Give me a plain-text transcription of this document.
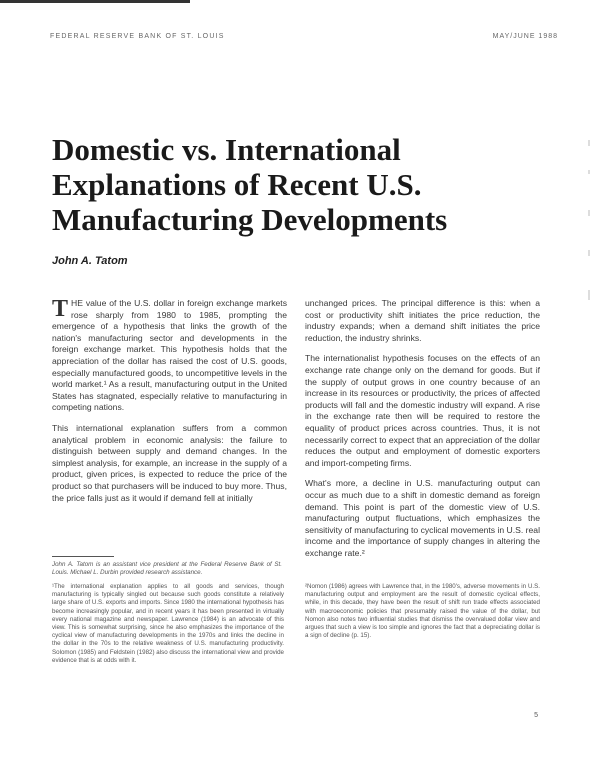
FEDERAL RESERVE BANK OF ST. LOUIS	MAY/JUNE 1988
Domestic vs. International Explanations of Recent U.S. Manufacturing Developments
John A. Tatom

THE value of the U.S. dollar in foreign exchange markets rose sharply from 1980 to 1985, prompting the emergence of a hypothesis that links the growth of the nation's manufacturing sector and developments in the foreign exchange market. This hypothesis holds that the appreciation of the dollar has raised the cost of U.S. goods, especially manufactured goods, to uncompetitive levels in the world market.¹ As a result, manufacturing output in the United States has stagnated, especially relative to manufacturing in competing nations.

This international explanation suffers from a common analytical problem in economic analysis: the failure to distinguish between supply and demand changes. In the simplest analysis, for example, an increase in the supply of a product, given prices, is expected to reduce the price of the product so that purchasers will be induced to buy more. Thus, the price falls just as it would if demand fell at initially

unchanged prices. The principal difference is this: when a cost or productivity shift initiates the price reduction, the industry expands; when a demand shift initiates the price reduction, the industry shrinks.

The internationalist hypothesis focuses on the effects of an exchange rate change only on the demand for goods. But if the supply of output grows in one country because of an increase in its resources or productivity, the prices of affected products will fall and the domestic industry will expand. A rise in the exchange rate then will be required to restore the equality of product prices across countries. Thus, it is not necessarily correct to expect that an appreciation of the dollar reduces the output and employment of domestic exporters and import-competing firms.

What's more, a decline in U.S. manufacturing output can occur as much due to a shift in domestic demand as foreign demand. This point is part of the domestic view of U.S. manufacturing output fluctuations, which emphasizes the sensitivity of manufacturing to cyclical movements in U.S. real income and the importance of supply changes in altering the exchange rate.²

John A. Tatom is an assistant vice president at the Federal Reserve Bank of St. Louis. Michael L. Durbin provided research assistance.
¹The international explanation applies to all goods and services, though manufacturing is typically singled out because such goods constitute a relatively large share of U.S. exports and imports. Since 1980 the international hypothesis has become increasingly popular, and in recent years it has been presented in virtually every national magazine and newspaper. Lawrence (1984) is an advocate of this view. This is somewhat surprising, since he also emphasizes the importance of the cyclical view of manufacturing developments in the 1970s and links the decline in the dollar in the 70s to the relative weakness of U.S. manufacturing productivity. Solomon (1985) and Feldstein (1982) also discuss the international view and provide evidence that is at odds with it.
²Nomon (1986) agrees with Lawrence that, in the 1980's, adverse movements in U.S. manufacturing output and employment are the result of domestic cyclical effects, while, in this decade, they have been the result of shift run trade effects associated with macroeconomic policies that presumably raised the value of the dollar, but Nomon also notes two influential studies that dismiss the overvalued dollar view and argues that such a view is too simple and ignores the fact that a depreciating dollar is a sign of decline (p. 15).
5
